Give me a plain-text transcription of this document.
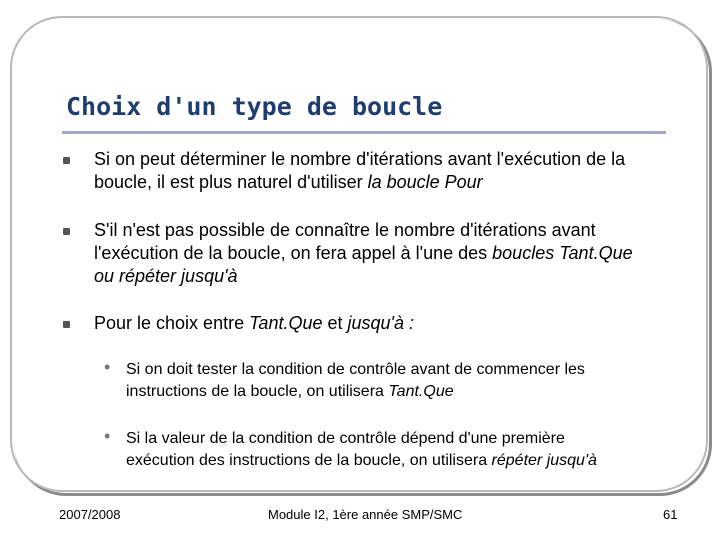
Choix d'un type de boucle
Si on peut déterminer le nombre d'itérations avant l'exécution de la
boucle, il est plus naturel d'utiliser la boucle Pour
S'il n'est pas possible de connaître le nombre d'itérations avant
l'exécution de la boucle, on fera appel à l'une des boucles Tant.Que
ou répéter jusqu'à
Pour le choix entre Tant.Que et jusqu'à :
• Si on doit tester la condition de contrôle avant de commencer les
instructions de la boucle, on utilisera Tant.Que
• Si la valeur de la condition de contrôle dépend d'une première
exécution des instructions de la boucle, on utilisera répéter jusqu'à
2007/2008	Module I2, 1ère année SMP/SMC	61
